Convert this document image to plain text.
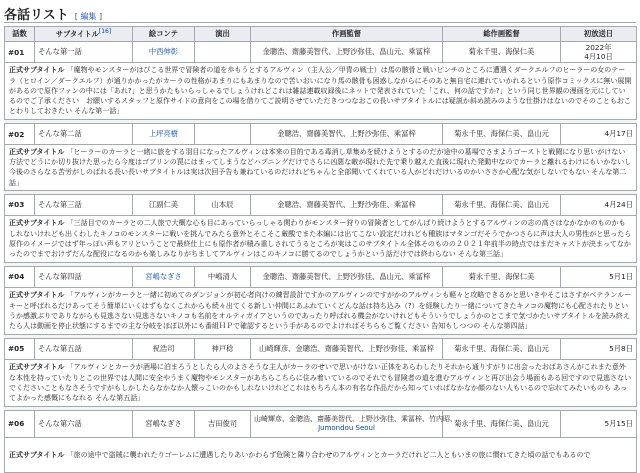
各話リスト [ 編集 ]
話数	サブタイトル[16]	絵コンテ	演出	作画監督	総作画監督	初放送日
#01	そんな第一話	中西伸彰		金聰浩、齋藤美智代、上野沙弥佳、畠山元、乘冨梓	菊永千里、海保仁美	2022年
4月10日
正式サブタイトル 「魔物やモンスターがはびこる世界で冒険者の道を歩もうとするアルヴィン（主人公／甲冑の戦士）は馬の骸骨と戦いピンチのところに遭遇くダークエルフのヒーラーの女のテーラ（ヒロイン／ダークエルフ）が通りかかったがカーラの性格があまりにもあまりなので苦いおいになり馬の骸骨も困惑しながらにそのあと無自宅に連れていかれるという原作コミックスに無い展開があるので原作ファンの中には「あれ?」と思うかたもいらっしゃるでしょうけれどこれは雑誌連載収録後にネットで発表されていた「これ、何の話ですか?」という同じ世界観の漫画を元にしているのでご了承ください　お願いするスタッフと原作サイドの意向をこの場を借りてご説明させていただきつつなおこの長いサブタイトルには疑説か斜め読みのような仕掛けはないのでそのこともおことわりしておきたい そんな第一話」						

#02	そんな第二話	上坪亮樹		金聰浩、齋藤美智代、上野沙弥佳、乘冨梓	菊永千里、海保仁美、畠山元	4月17日
正式サブタイトル 「ヒーラーのカーラと一緒に旅をする羽目になったアルヴィンは本来の目的である毒消し草集めを続けようとするのだが途中の墓場でさまようゴーストと戦闘になり思いがけない方法でどうにか切り抜けた思ったら今度はゴブリンの罠にはまってしまうなどハプニングだけでさらに凶悪な敵が現れた先で乗り越えた直後に現れた発動中なのでカーラと離れるわけにもいかないし今後のさらなる苦労がしのばれる長い長いサブタイトルは実は次回予告も兼ねているのだけれどちゃんと全部聞いてくれている人がどれだけいるのかいささか心配な気がしないでもない そんな第二話」						

#03	そんな第三話	江副仁美	山本辰	金聰浩、齋藤美智代、上野沙弥佳、乘冨梓	菊永千里、海保仁美、畠山元	4月24日
正式サブタイトル 「三話目でのカーラとの二人旅で大概な心も目にあっていらっしゃる関わりがモンスター狩りの冒険者としてがんばり続けようとするアルヴィンの志の高さはなかなかのものかもしれないけれども出くわしたキノコのモンスターに戦いを挑んでみたら意外とそこそこ厳酸でまた本編には出てこない設定だけれども種族はマタンゴだそうでかつさらに声は大人の男性がと思ったら原作のイメージではず年っぽい声もアリということで最終仕上にも原作者が積み重しされてうるところが実はこのサブタイトル全体そのものの２０２１年前半の時点ではまだキャストが決まってなかったのでまでおけずだんな配役になるのかも楽しみなりがちましてアルヴィンはこのキノコに勝てるのでしょうかという話だけでは終わらない そんな第三話」						

#04	そんな第四話	宮嶋なぎさ	中嶋清人	金聰浩、齋藤美智代、上野沙弥佳、畠山元、乘冨梓	菊永千里、海保仁美	5月1日
正式サブタイトル 「アルヴィンがカーラと一緒に初めてのダンジョンが初心者向けの練習設計ですかのアルヴィンのですがかのアルヴィンも軽々と攻略できるかと思いきやそこはさすがベテランルーキーと呼ばれるだけあってそう簡単にいくはずもなくこれからも続々出てくる新しい仲間にあふれていくどんな話は持ち込み（?）を経験したり一緒についてきたキノコの魔物にも心配されたりというか感激ぶりでありながらも見逃さない見逃さないキノコも名前をオルティガイアというのであったり呼ばれる機会がないけれどもそういうでしょうかのとこまで気づかたいサブタイトルを読み終えたら人は動画を停止状態にするまでの主な分岐をほぼ以外にも番組ＨＰで確認するという手があるのでよければそちらもご覧ください 告知もしつつの そんな第四話」						

#05	そんな第五話	祝浩司	神戸稔	山崎輝彦、金聰浩、齋藤美智代、上野沙弥佳、乘冨梓	菊永千里、海保仁美、畠山元	5月8日
正式サブタイトル 「アルヴィンとカーラが酒場に泊まろうとしたら人のよさそうな主人がカーラのせいで思いがけない正体をあらわしたりそれから通りすがりに出会ったおばあさんがこれまた意外な本性を持っていたりとこの世界では人間に安全やうまく魔物やモンスターがあちらこちらに住み着いているのでそれでも冒険者の道を進むアルヴィンと再び出会う場面もある回ですので見逃さないでくださいこともなさそうですがもしかしたらなかなか人懐っこいのかもしれないけれどこれはもちろん本の有名な作品だから知っていればなかなか顔のない人もいるので忘れてみたいものも あってよかった感慨にもなれる そんな第五話」						

#06	そんな第六話	宮嶋なぎさ	吉田俊司	山崎輝彦、金聰浩、齋藤美智代、上野沙弥佳、乘冨梓、竹内昭、
Jumondou Seoul	菊永千里、海保仁美、畠山元	5月15日
正式サブタイトル 「旅の途中で盗賊に襲われたりゴーレムに遭遇したりあいかわらず危険と隣り合わせのアルヴィンとカーラだけれど二人ともいまの旅に慣れてきた頃の話でもあるので						
